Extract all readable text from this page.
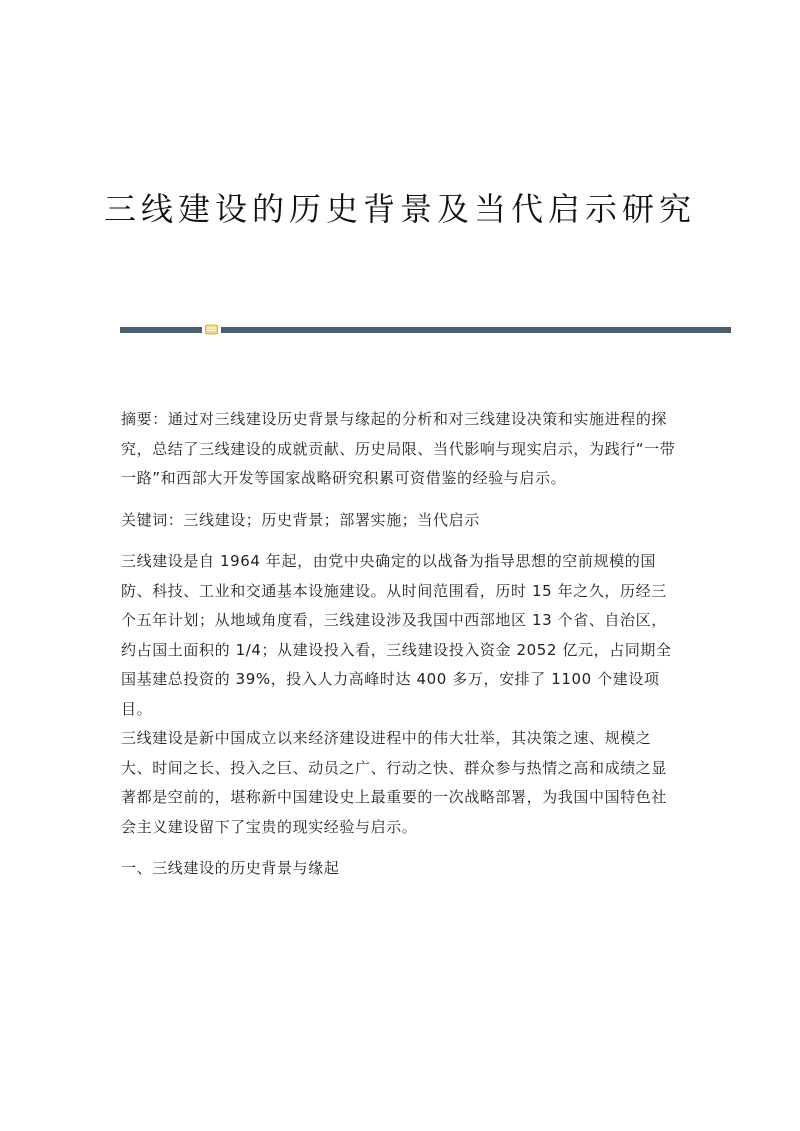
三线建设的历史背景及当代启示研究

摘要：通过对三线建设历史背景与缘起的分析和对三线建设决策和实施进程的探究，总结了三线建设的成就贡献、历史局限、当代影响与现实启示，为践行“一带一路”和西部大开发等国家战略研究积累可资借鉴的经验与启示。

关键词：三线建设；历史背景；部署实施；当代启示

三线建设是自 1964 年起，由党中央确定的以战备为指导思想的空前规模的国防、科技、工业和交通基本设施建设。从时间范围看，历时 15 年之久，历经三个五年计划；从地域角度看，三线建设涉及我国中西部地区 13 个省、自治区，约占国土面积的 1/4；从建设投入看，三线建设投入资金 2052 亿元，占同期全国基建总投资的 39%，投入人力高峰时达 400 多万，安排了 1100 个建设项目。

三线建设是新中国成立以来经济建设进程中的伟大壮举，其决策之速、规模之大、时间之长、投入之巨、动员之广、行动之快、群众参与热情之高和成绩之显著都是空前的，堪称新中国建设史上最重要的一次战略部署，为我国中国特色社会主义建设留下了宝贵的现实经验与启示。

一、三线建设的历史背景与缘起
